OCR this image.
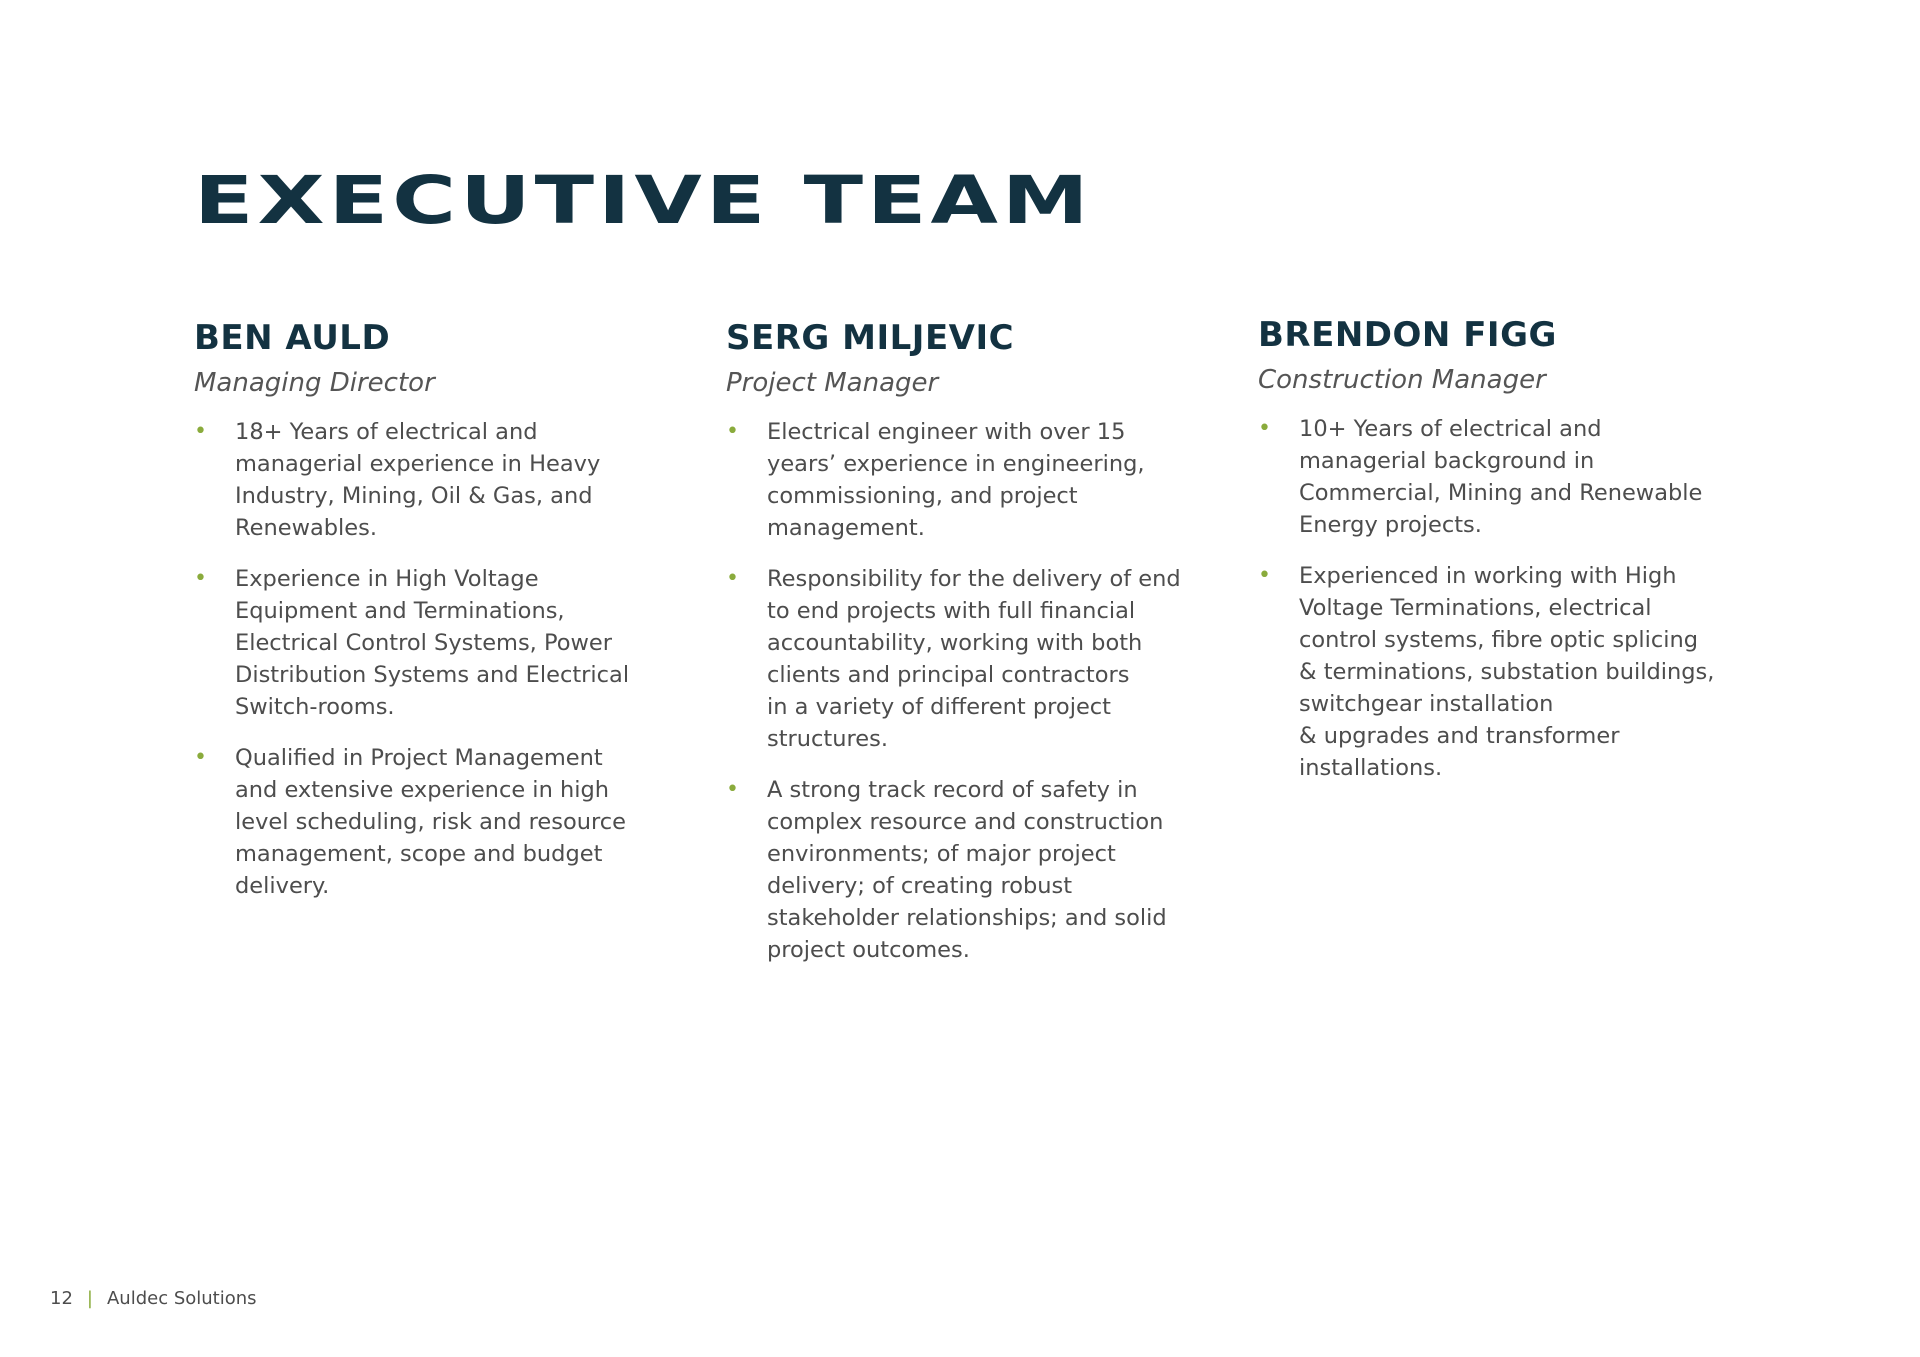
EXECUTIVE TEAM
BEN AULD

Managing Director

• 18+ Years of electrical and
managerial experience in Heavy
Industry, Mining, Oil & Gas, and
Renewables.
• Experience in High Voltage
Equipment and Terminations,
Electrical Control Systems, Power
Distribution Systems and Electrical
Switch-rooms.
• Qualified in Project Management
and extensive experience in high
level scheduling, risk and resource
management, scope and budget
delivery.
SERG MILJEVIC

Project Manager

• Electrical engineer with over 15
years’ experience in engineering,
commissioning, and project
management.
• Responsibility for the delivery of end
to end projects with full financial
accountability, working with both
clients and principal contractors
in a variety of different project
structures.
• A strong track record of safety in
complex resource and construction
environments; of major project
delivery; of creating robust
stakeholder relationships; and solid
project outcomes.
BRENDON FIGG

Construction Manager

• 10+ Years of electrical and
managerial background in
Commercial, Mining and Renewable
Energy projects.
• Experienced in working with High
Voltage Terminations, electrical
control systems, fibre optic splicing
& terminations, substation buildings,
switchgear installation
& upgrades and transformer
installations.
12 | Auldec Solutions
